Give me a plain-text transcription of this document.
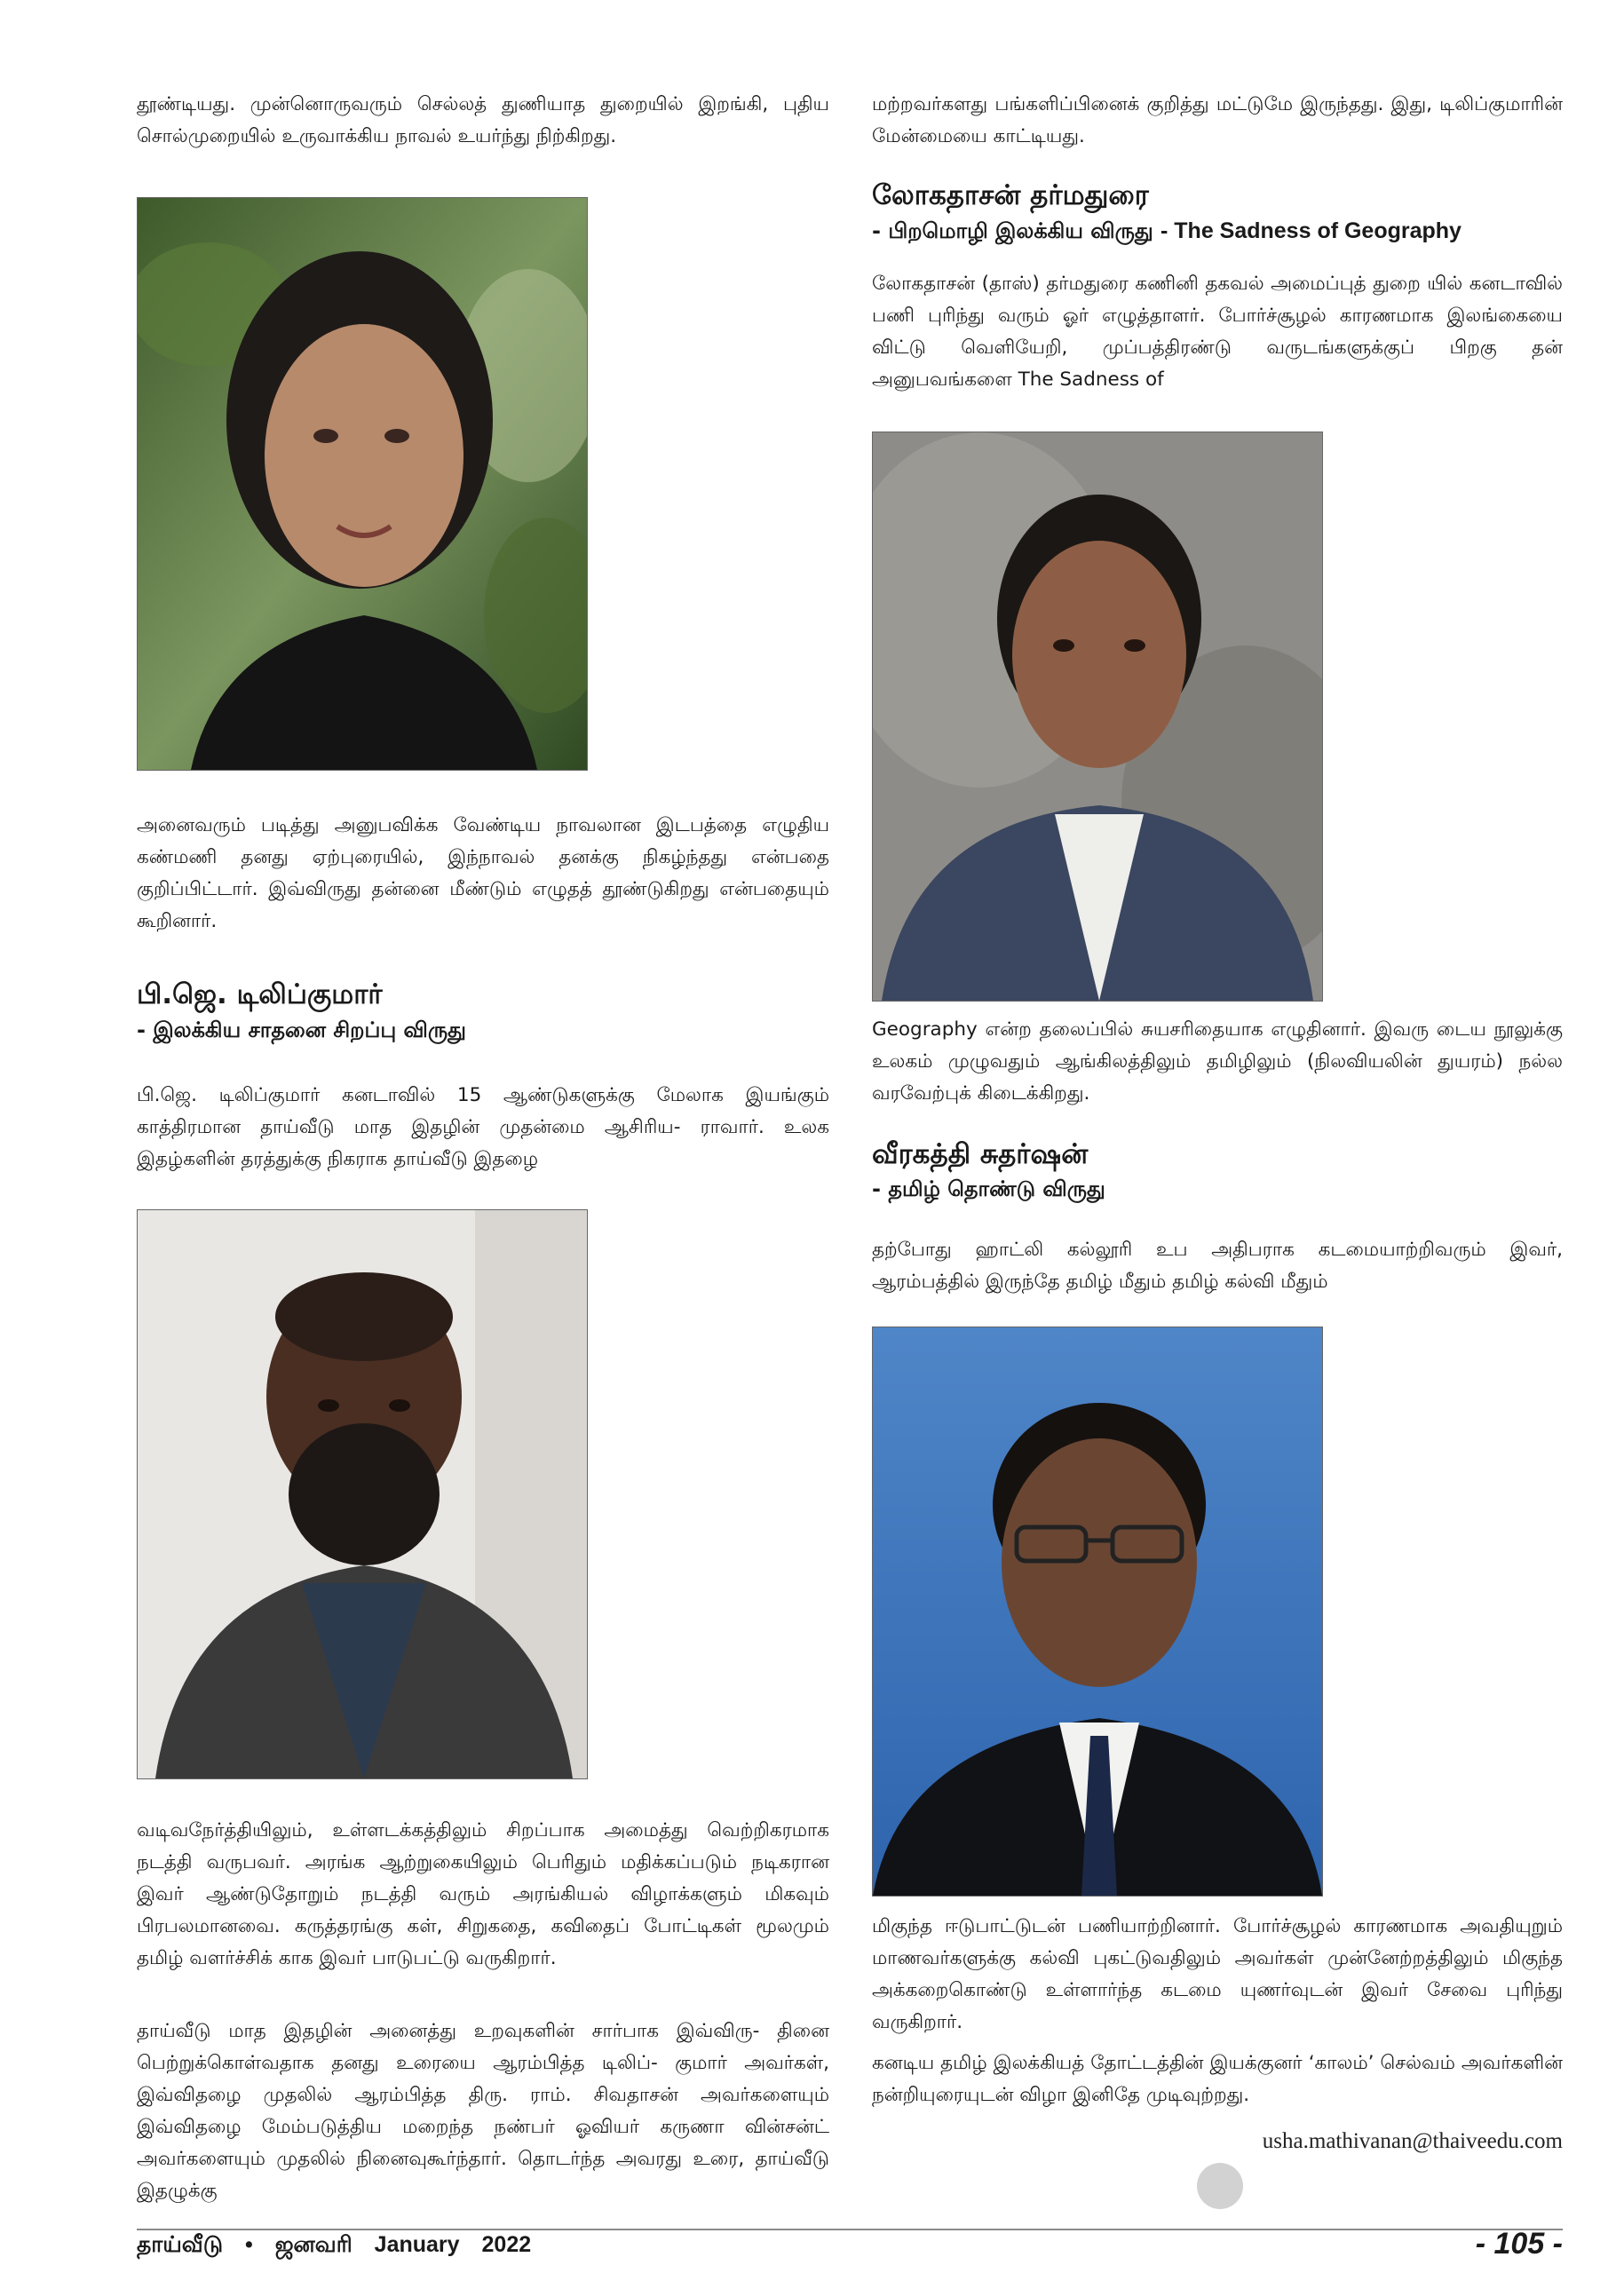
தூண்டியது. முன்னொருவரும் செல்லத் துணியாத துறையில் இறங்கி, புதிய சொல்முறையில் உருவாக்கிய நாவல் உயர்ந்து நிற்கிறது.

அனைவரும் படித்து அனுபவிக்க வேண்டிய நாவலான இடபத்தை எழுதிய கண்மணி தனது ஏற்புரையில், இந்நாவல் தனக்கு நிகழ்ந்தது என்பதை குறிப்பிட்டார். இவ்விருது தன்னை மீண்டும் எழுதத் தூண்டுகிறது என்பதையும் கூறினார்.

பி.ஜெ. டிலிப்குமார்

- இலக்கிய சாதனை சிறப்பு விருது

பி.ஜெ. டிலிப்குமார் கனடாவில் 15 ஆண்டுகளுக்கு மேலாக இயங்கும் காத்திரமான தாய்வீடு மாத இதழின் முதன்மை ஆசிரிய- ராவார். உலக இதழ்களின் தரத்துக்கு நிகராக தாய்வீடு இதழை

வடிவநேர்த்தியிலும், உள்ளடக்கத்திலும் சிறப்பாக அமைத்து வெற்றிகரமாக நடத்தி வருபவர். அரங்க ஆற்றுகையிலும் பெரிதும் மதிக்கப்படும் நடிகரான இவர் ஆண்டுதோறும் நடத்தி வரும் அரங்கியல் விழாக்களும் மிகவும் பிரபலமானவை. கருத்தரங்கு கள், சிறுகதை, கவிதைப் போட்டிகள் மூலமும் தமிழ் வளர்ச்சிக் காக இவர் பாடுபட்டு வருகிறார்.

தாய்வீடு மாத இதழின் அனைத்து உறவுகளின் சார்பாக இவ்விரு- தினை பெற்றுக்கொள்வதாக தனது உரையை ஆரம்பித்த டிலிப்- குமார் அவர்கள், இவ்விதழை முதலில் ஆரம்பித்த திரு. ராம். சிவதாசன் அவர்களையும் இவ்விதழை மேம்படுத்திய மறைந்த நண்பர் ஓவியர் கருணா வின்சன்ட் அவர்களையும் முதலில் நினைவுகூர்ந்தார். தொடர்ந்த அவரது உரை, தாய்வீடு இதழுக்கு

மற்றவர்களது பங்களிப்பினைக் குறித்து மட்டுமே இருந்தது. இது, டிலிப்குமாரின் மேன்மையை காட்டியது.

லோகதாசன் தர்மதுரை

- பிறமொழி இலக்கிய விருது - The Sadness of Geography

லோகதாசன் (தாஸ்) தர்மதுரை கணினி தகவல் அமைப்புத் துறை யில் கனடாவில் பணி புரிந்து வரும் ஓர் எழுத்தாளர். போர்ச்சூழல் காரணமாக இலங்கையை விட்டு வெளியேறி, முப்பத்திரண்டு வருடங்களுக்குப் பிறகு தன் அனுபவங்களை The Sadness of

Geography என்ற தலைப்பில் சுயசரிதையாக எழுதினார். இவரு டைய நூலுக்கு உலகம் முழுவதும் ஆங்கிலத்திலும் தமிழிலும் (நிலவியலின் துயரம்) நல்ல வரவேற்புக் கிடைக்கிறது.

வீரகத்தி சுதர்ஷன்

- தமிழ் தொண்டு விருது

தற்போது ஹாட்லி கல்லூரி உப அதிபராக கடமையாற்றிவரும் இவர், ஆரம்பத்தில் இருந்தே தமிழ் மீதும் தமிழ் கல்வி மீதும்

மிகுந்த ஈடுபாட்டுடன் பணியாற்றினார். போர்ச்சூழல் காரணமாக அவதியுறும் மாணவர்களுக்கு கல்வி புகட்டுவதிலும் அவர்கள் முன்னேற்றத்திலும் மிகுந்த அக்கறைகொண்டு உள்ளார்ந்த கடமை யுணர்வுடன் இவர் சேவை புரிந்து வருகிறார்.

கனடிய தமிழ் இலக்கியத் தோட்டத்தின் இயக்குனர் ‘காலம்’ செல்வம் அவர்களின் நன்றியுரையுடன் விழா இனிதே முடிவுற்றது.

usha.mathivanan@thaiveedu.com
தாய்வீடு • ஜனவரி January 2022	- 105 -
